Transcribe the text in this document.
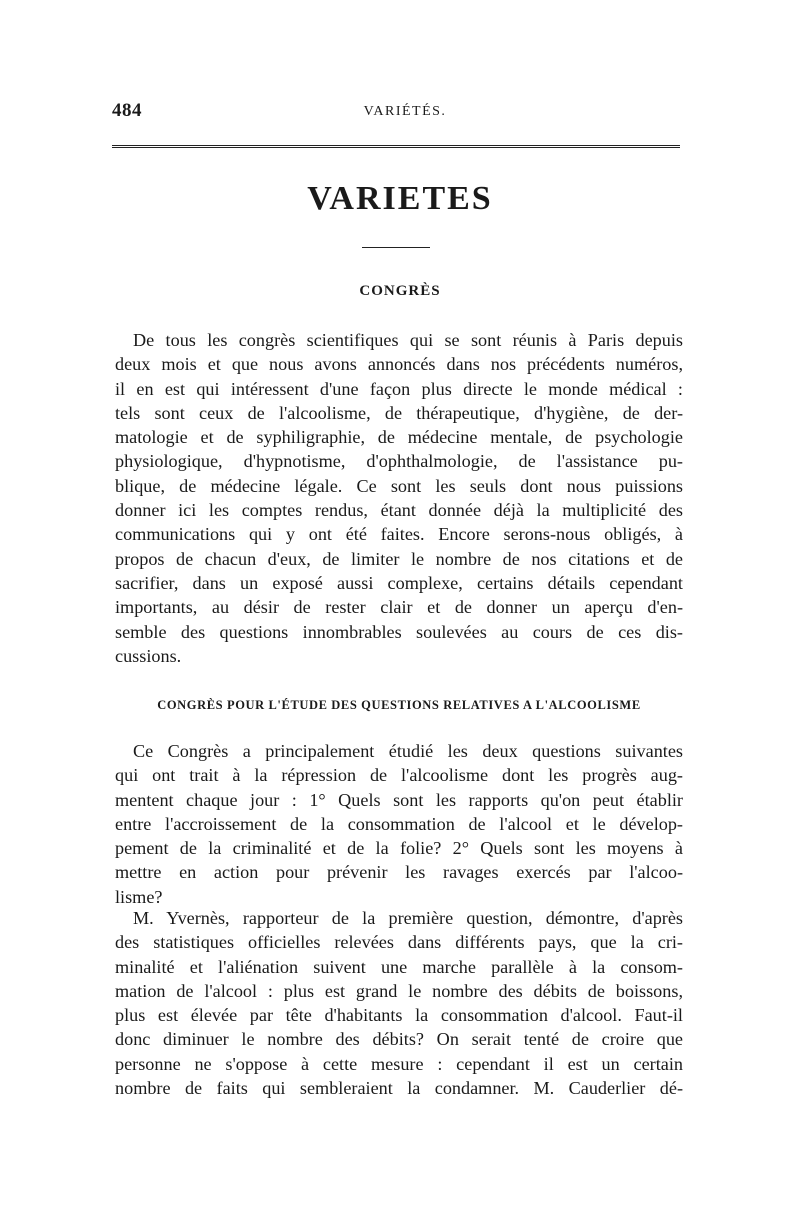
484	VARIÉTÉS.
VARIETES
CONGRÈS
De tous les congrès scientifiques qui se sont réunis à Paris depuis
deux mois et que nous avons annoncés dans nos précédents numéros,
il en est qui intéressent d'une façon plus directe le monde médical :
tels sont ceux de l'alcoolisme, de thérapeutique, d'hygiène, de der-
matologie et de syphiligraphie, de médecine mentale, de psychologie
physiologique, d'hypnotisme, d'ophthalmologie, de l'assistance pu-
blique, de médecine légale. Ce sont les seuls dont nous puissions
donner ici les comptes rendus, étant donnée déjà la multiplicité des
communications qui y ont été faites. Encore serons-nous obligés, à
propos de chacun d'eux, de limiter le nombre de nos citations et de
sacrifier, dans un exposé aussi complexe, certains détails cependant
importants, au désir de rester clair et de donner un aperçu d'en-
semble des questions innombrables soulevées au cours de ces dis-
cussions.
CONGRÈS POUR L'ÉTUDE DES QUESTIONS RELATIVES A L'ALCOOLISME
Ce Congrès a principalement étudié les deux questions suivantes
qui ont trait à la répression de l'alcoolisme dont les progrès aug-
mentent chaque jour : 1° Quels sont les rapports qu'on peut établir
entre l'accroissement de la consommation de l'alcool et le dévelop-
pement de la criminalité et de la folie? 2° Quels sont les moyens à
mettre en action pour prévenir les ravages exercés par l'alcoo-
lisme?
M. Yvernès, rapporteur de la première question, démontre, d'après
des statistiques officielles relevées dans différents pays, que la cri-
minalité et l'aliénation suivent une marche parallèle à la consom-
mation de l'alcool : plus est grand le nombre des débits de boissons,
plus est élevée par tête d'habitants la consommation d'alcool. Faut-il
donc diminuer le nombre des débits? On serait tenté de croire que
personne ne s'oppose à cette mesure : cependant il est un certain
nombre de faits qui sembleraient la condamner. M. Cauderlier dé-
